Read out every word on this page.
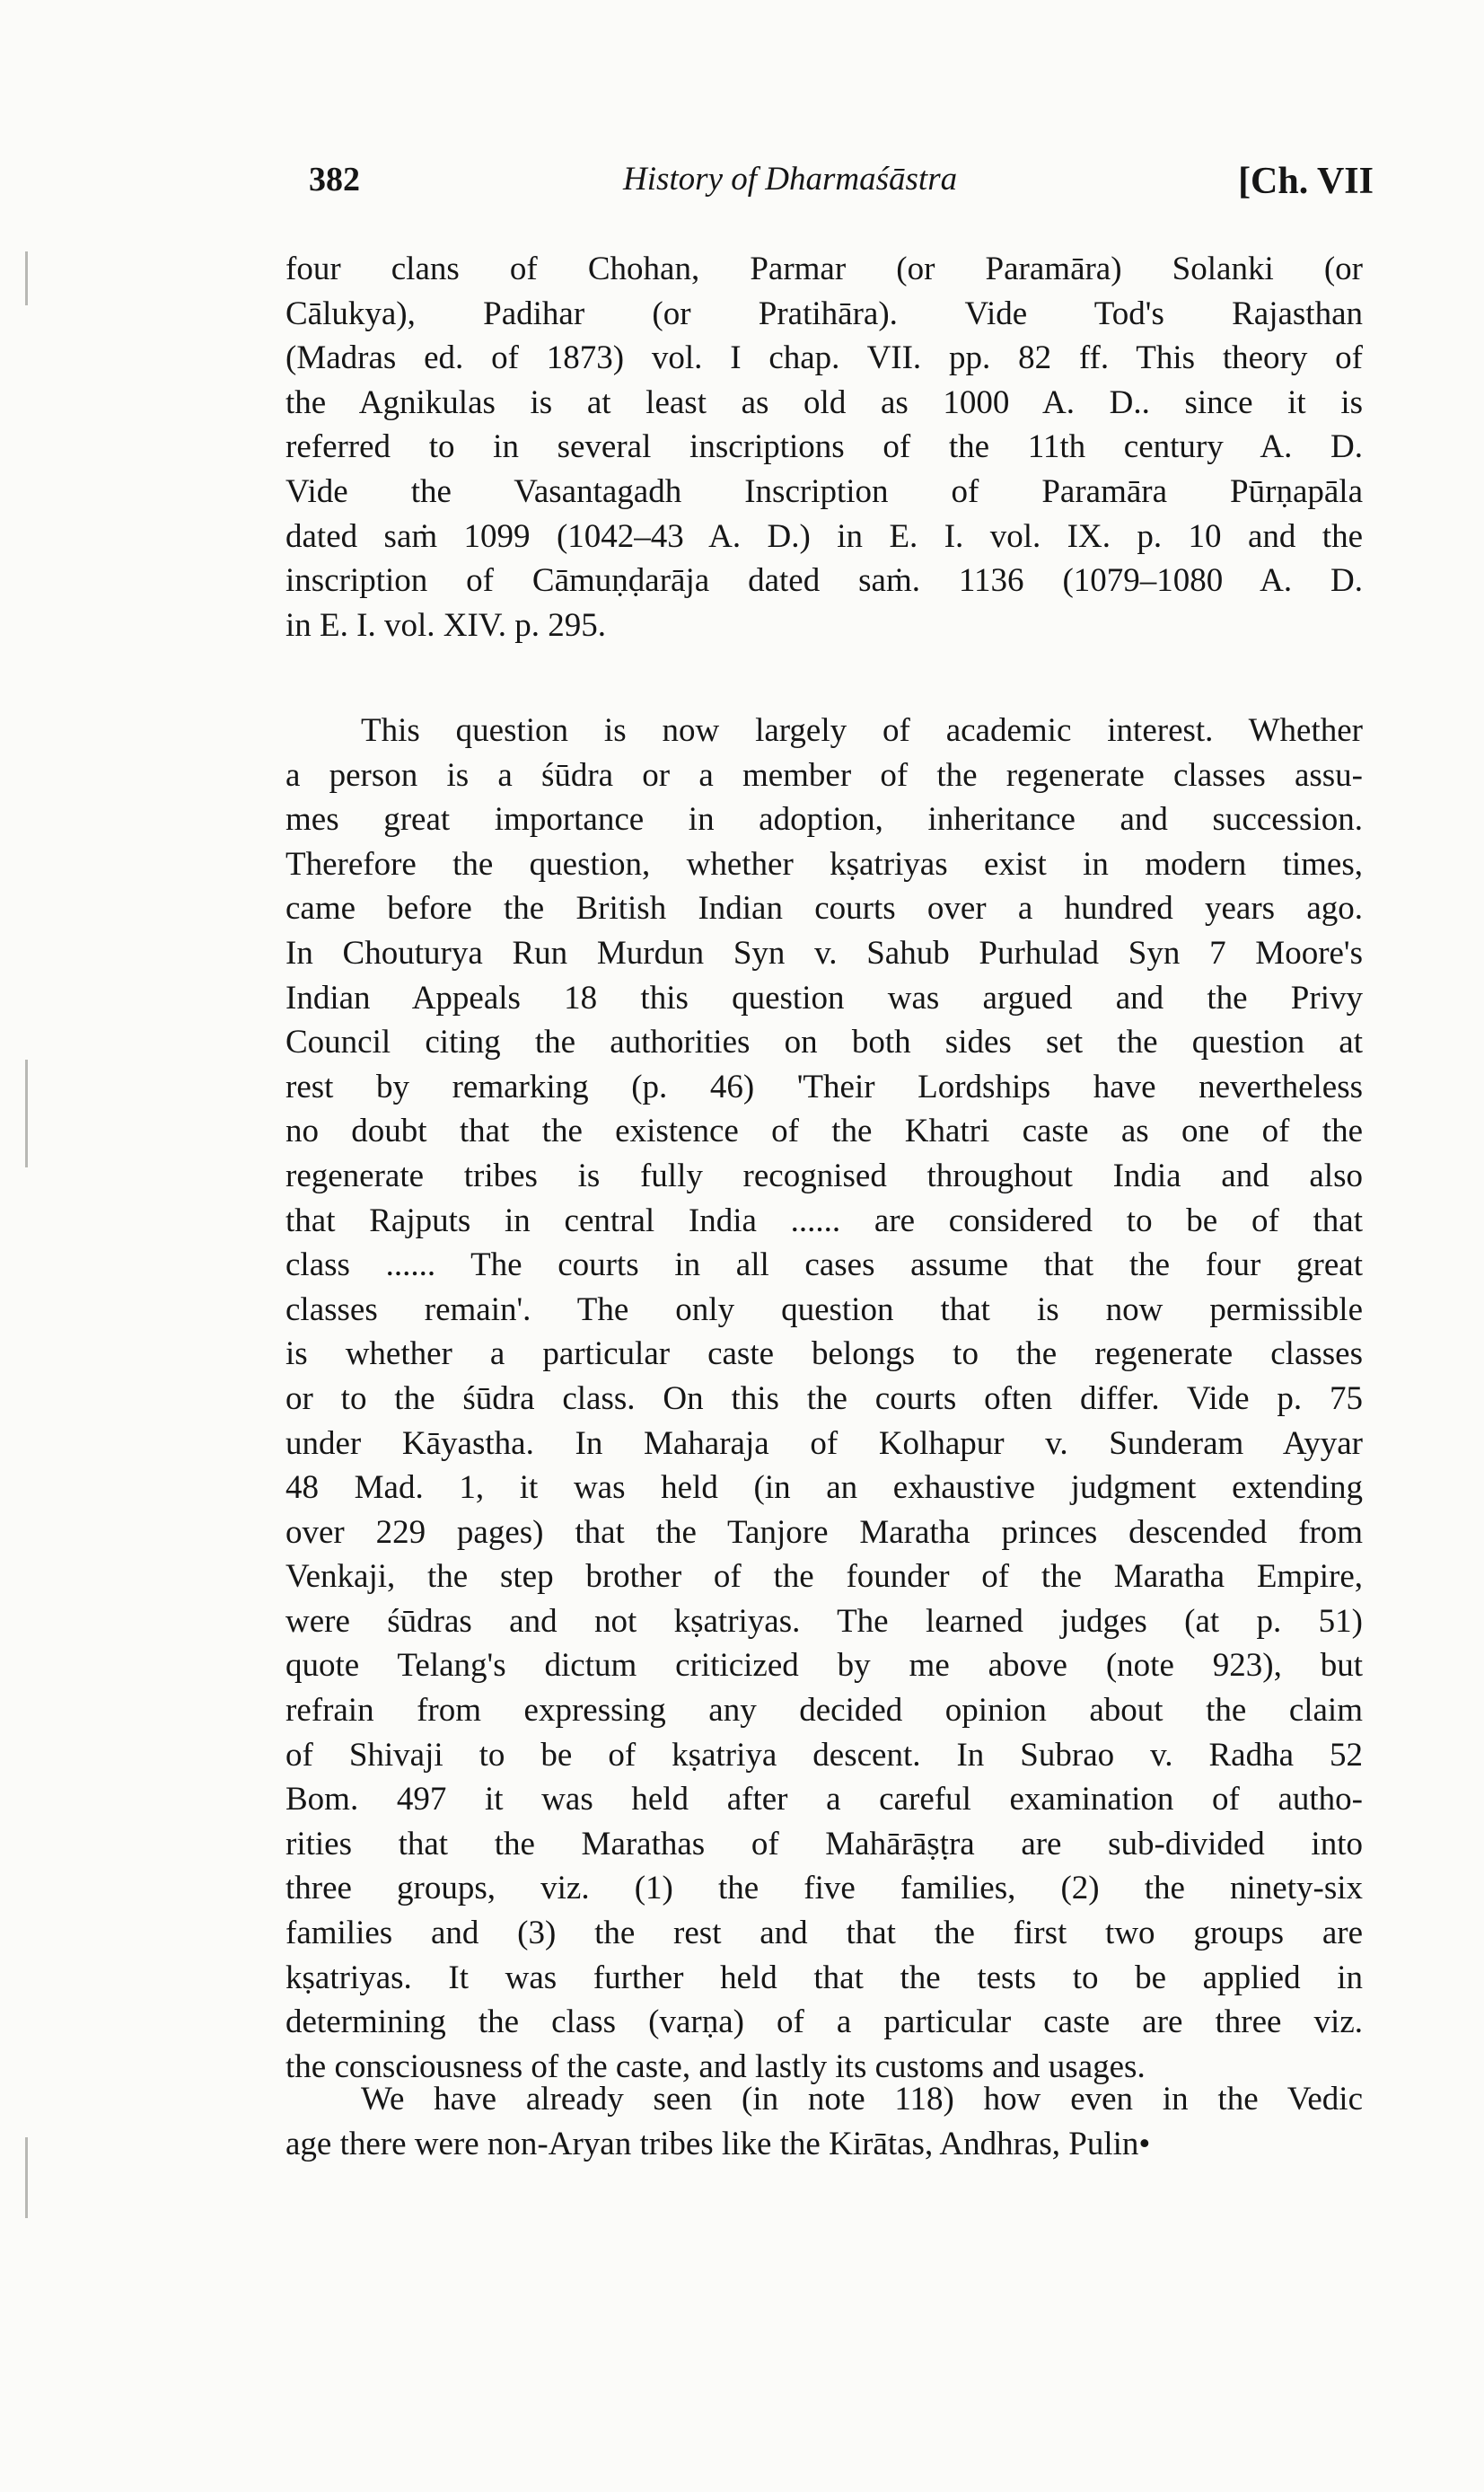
382	History of Dharmaśāstra	[Ch. VII
four clans of Chohan, Parmar (or Paramāra) Solanki (or
Cālukya), Padihar (or Pratihāra). Vide Tod's Rajasthan
(Madras ed. of 1873) vol. I chap. VII. pp. 82 ff. This theory of
the Agnikulas is at least as old as 1000 A. D.. since it is
referred to in several inscriptions of the 11th century A. D.
Vide the Vasantagadh Inscription of Paramāra Pūrṇapāla
dated saṁ 1099 (1042–43 A. D.) in E. I. vol. IX. p. 10 and the
inscription of Cāmuṇḍarāja dated saṁ. 1136 (1079–1080 A. D.
in E. I. vol. XIV. p. 295.
This question is now largely of academic interest. Whether
a person is a śūdra or a member of the regenerate classes assu-
mes great importance in adoption, inheritance and succession.
Therefore the question, whether kṣatriyas exist in modern times,
came before the British Indian courts over a hundred years ago.
In Chouturya Run Murdun Syn v. Sahub Purhulad Syn 7 Moore's
Indian Appeals 18 this question was argued and the Privy
Council citing the authorities on both sides set the question at
rest by remarking (p. 46) 'Their Lordships have nevertheless
no doubt that the existence of the Khatri caste as one of the
regenerate tribes is fully recognised throughout India and also
that Rajputs in central India ...... are considered to be of that
class ...... The courts in all cases assume that the four great
classes remain'. The only question that is now permissible
is whether a particular caste belongs to the regenerate classes
or to the śūdra class. On this the courts often differ. Vide p. 75
under Kāyastha. In Maharaja of Kolhapur v. Sunderam Ayyar
48 Mad. 1, it was held (in an exhaustive judgment extending
over 229 pages) that the Tanjore Maratha princes descended from
Venkaji, the step brother of the founder of the Maratha Empire,
were śūdras and not kṣatriyas. The learned judges (at p. 51)
quote Telang's dictum criticized by me above (note 923), but
refrain from expressing any decided opinion about the claim
of Shivaji to be of kṣatriya descent. In Subrao v. Radha 52
Bom. 497 it was held after a careful examination of autho-
rities that the Marathas of Mahārāṣṭra are sub-divided into
three groups, viz. (1) the five families, (2) the ninety-six
families and (3) the rest and that the first two groups are
kṣatriyas. It was further held that the tests to be applied in
determining the class (varṇa) of a particular caste are three viz.
the consciousness of the caste, and lastly its customs and usages.
We have already seen (in note 118) how even in the Vedic
age there were non-Aryan tribes like the Kirātas, Andhras, Pulin•
